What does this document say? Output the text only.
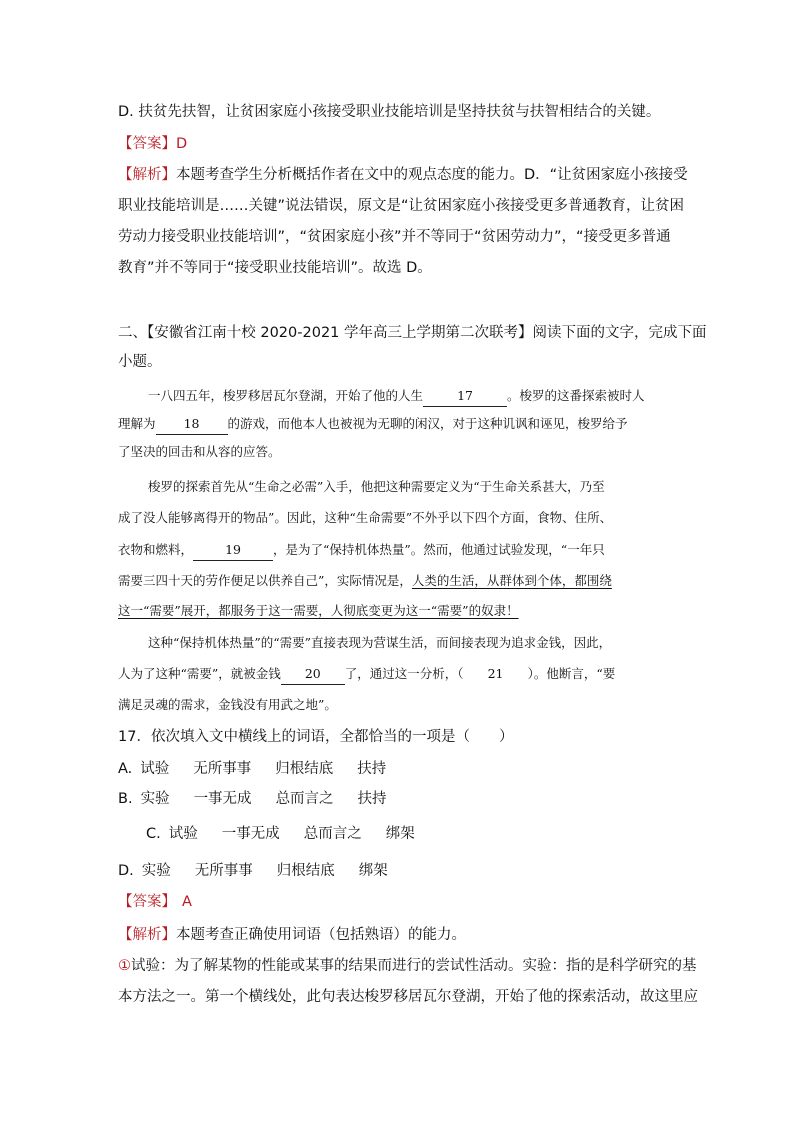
D. 扶贫先扶智，让贫困家庭小孩接受职业技能培训是坚持扶贫与扶智相结合的关键。
【答案】D
【解析】本题考查学生分析概括作者在文中的观点态度的能力。D．“让贫困家庭小孩接受
职业技能培训是……关键”说法错误，原文是“让贫困家庭小孩接受更多普通教育，让贫困
劳动力接受职业技能培训”，“贫困家庭小孩”并不等同于“贫困劳动力”，“接受更多普通
教育”并不等同于“接受职业技能培训”。故选 D。
二、【安徽省江南十校 2020-2021 学年高三上学期第二次联考】阅读下面的文字，完成下面
小题。
一八四五年，梭罗移居瓦尔登湖，开始了他的人生	17	。梭罗的这番探索被时人
理解为 18 的游戏，而他本人也被视为无聊的闲汉，对于这种讥讽和诬见，梭罗给予
了坚决的回击和从容的应答。
梭罗的探索首先从“生命之必需”入手，他把这种需要定义为“于生命关系甚大，乃至
成了没人能够离得开的物品”。因此，这种“生命需要”不外乎以下四个方面，食物、住所、
衣物和燃料，	19	，是为了“保持机体热量”。然而，他通过试验发现，“一年只
需要三四十天的劳作便足以供养自己”，实际情况是，人类的生活，从群体到个体，都围绕
这一“需要”展开，都服务于这一需要，人彻底变更为这一“需要”的奴隶！
这种“保持机体热量”的“需要”直接表现为营谋生活，而间接表现为追求金钱，因此，
人为了这种“需要”，就被金钱 20 了，通过这一分析，（ 21 ）。他断言，“要
满足灵魂的需求，金钱没有用武之地”。
17．依次填入文中横线上的词语，全都恰当的一项是（　　）
A. 试验 无所事事 归根结底 扶持
B. 实验 一事无成 总而言之 扶持
C. 试验 一事无成 总而言之 绑架
D. 实验 无所事事 归根结底 绑架
【答案】 A
【解析】本题考查正确使用词语（包括熟语）的能力。
①试验：为了解某物的性能或某事的结果而进行的尝试性活动。实验：指的是科学研究的基
本方法之一。第一个横线处，此句表达梭罗移居瓦尔登湖，开始了他的探索活动，故这里应
